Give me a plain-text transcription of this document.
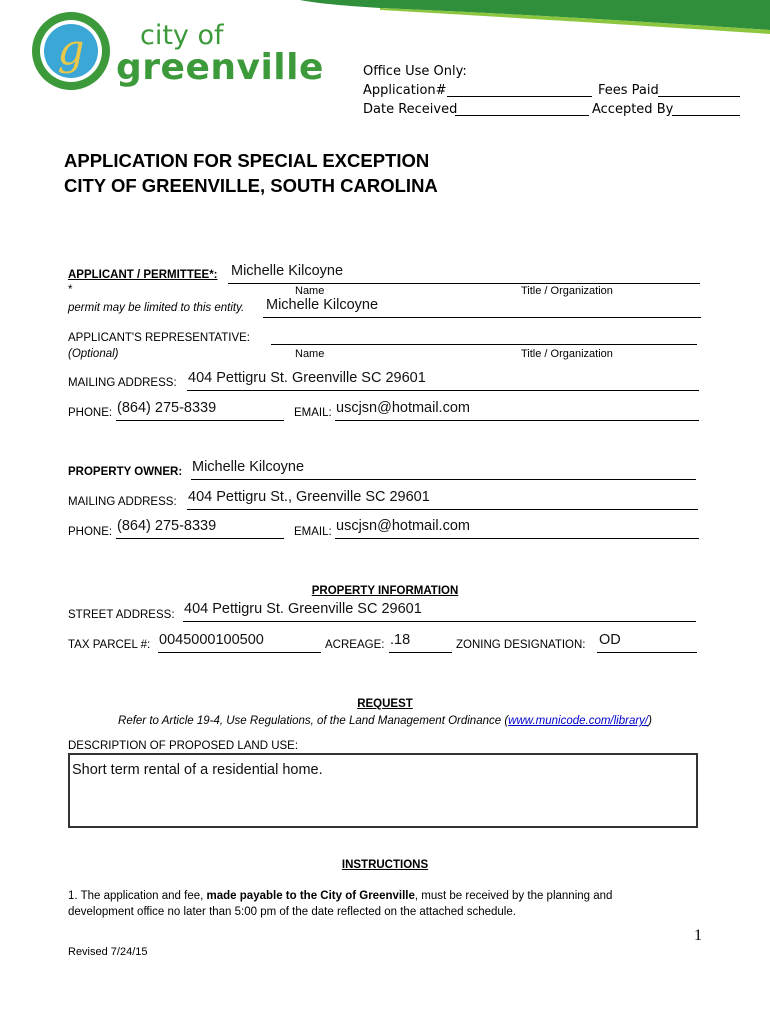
g city of
greenville	Office Use Only:
Application#	Fees Paid
Date Received	Accepted By
APPLICATION FOR SPECIAL EXCEPTION
CITY OF GREENVILLE, SOUTH CAROLINA
APPLICANT / PERMITTEE*: Michelle Kilcoyne
*	Name	Title / Organization
permit may be limited to this entity. Michelle Kilcoyne
APPLICANT'S REPRESENTATIVE:
(Optional)	Name	Title / Organization
MAILING ADDRESS: 404 Pettigru St. Greenville SC 29601
PHONE: (864) 275-8339	EMAIL: uscjsn@hotmail.com
PROPERTY OWNER: Michelle Kilcoyne
MAILING ADDRESS: 404 Pettigru St., Greenville SC 29601
PHONE: (864) 275-8339	EMAIL: uscjsn@hotmail.com
PROPERTY INFORMATION
STREET ADDRESS: 404 Pettigru St. Greenville SC 29601
TAX PARCEL #: 0045000100500	ACREAGE: .18	ZONING DESIGNATION: OD
REQUEST
Refer to Article 19-4, Use Regulations, of the Land Management Ordinance (www.municode.com/library/)
DESCRIPTION OF PROPOSED LAND USE:
Short term rental of a residential home.
INSTRUCTIONS
1. The application and fee, made payable to the City of Greenville, must be received by the planning and
development office no later than 5:00 pm of the date reflected on the attached schedule.
1
Revised 7/24/15
